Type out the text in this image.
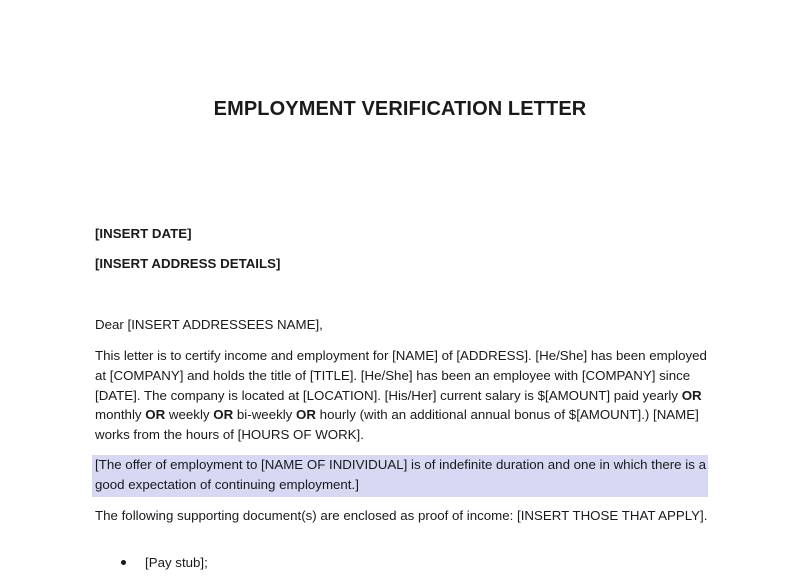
EMPLOYMENT VERIFICATION LETTER
[INSERT DATE]
[INSERT ADDRESS DETAILS]
Dear [INSERT ADDRESSEES NAME],
This letter is to certify income and employment for [NAME] of [ADDRESS]. [He/She] has been employed at [COMPANY] and holds the title of [TITLE]. [He/She] has been an employee with [COMPANY] since [DATE]. The company is located at [LOCATION]. [His/Her] current salary is $[AMOUNT] paid yearly OR monthly OR weekly OR bi-weekly OR hourly (with an additional annual bonus of $[AMOUNT].) [NAME] works from the hours of [HOURS OF WORK].
[The offer of employment to [NAME OF INDIVIDUAL] is of indefinite duration and one in which there is a good expectation of continuing employment.]
The following supporting document(s) are enclosed as proof of income: [INSERT THOSE THAT APPLY].
[Pay stub];
